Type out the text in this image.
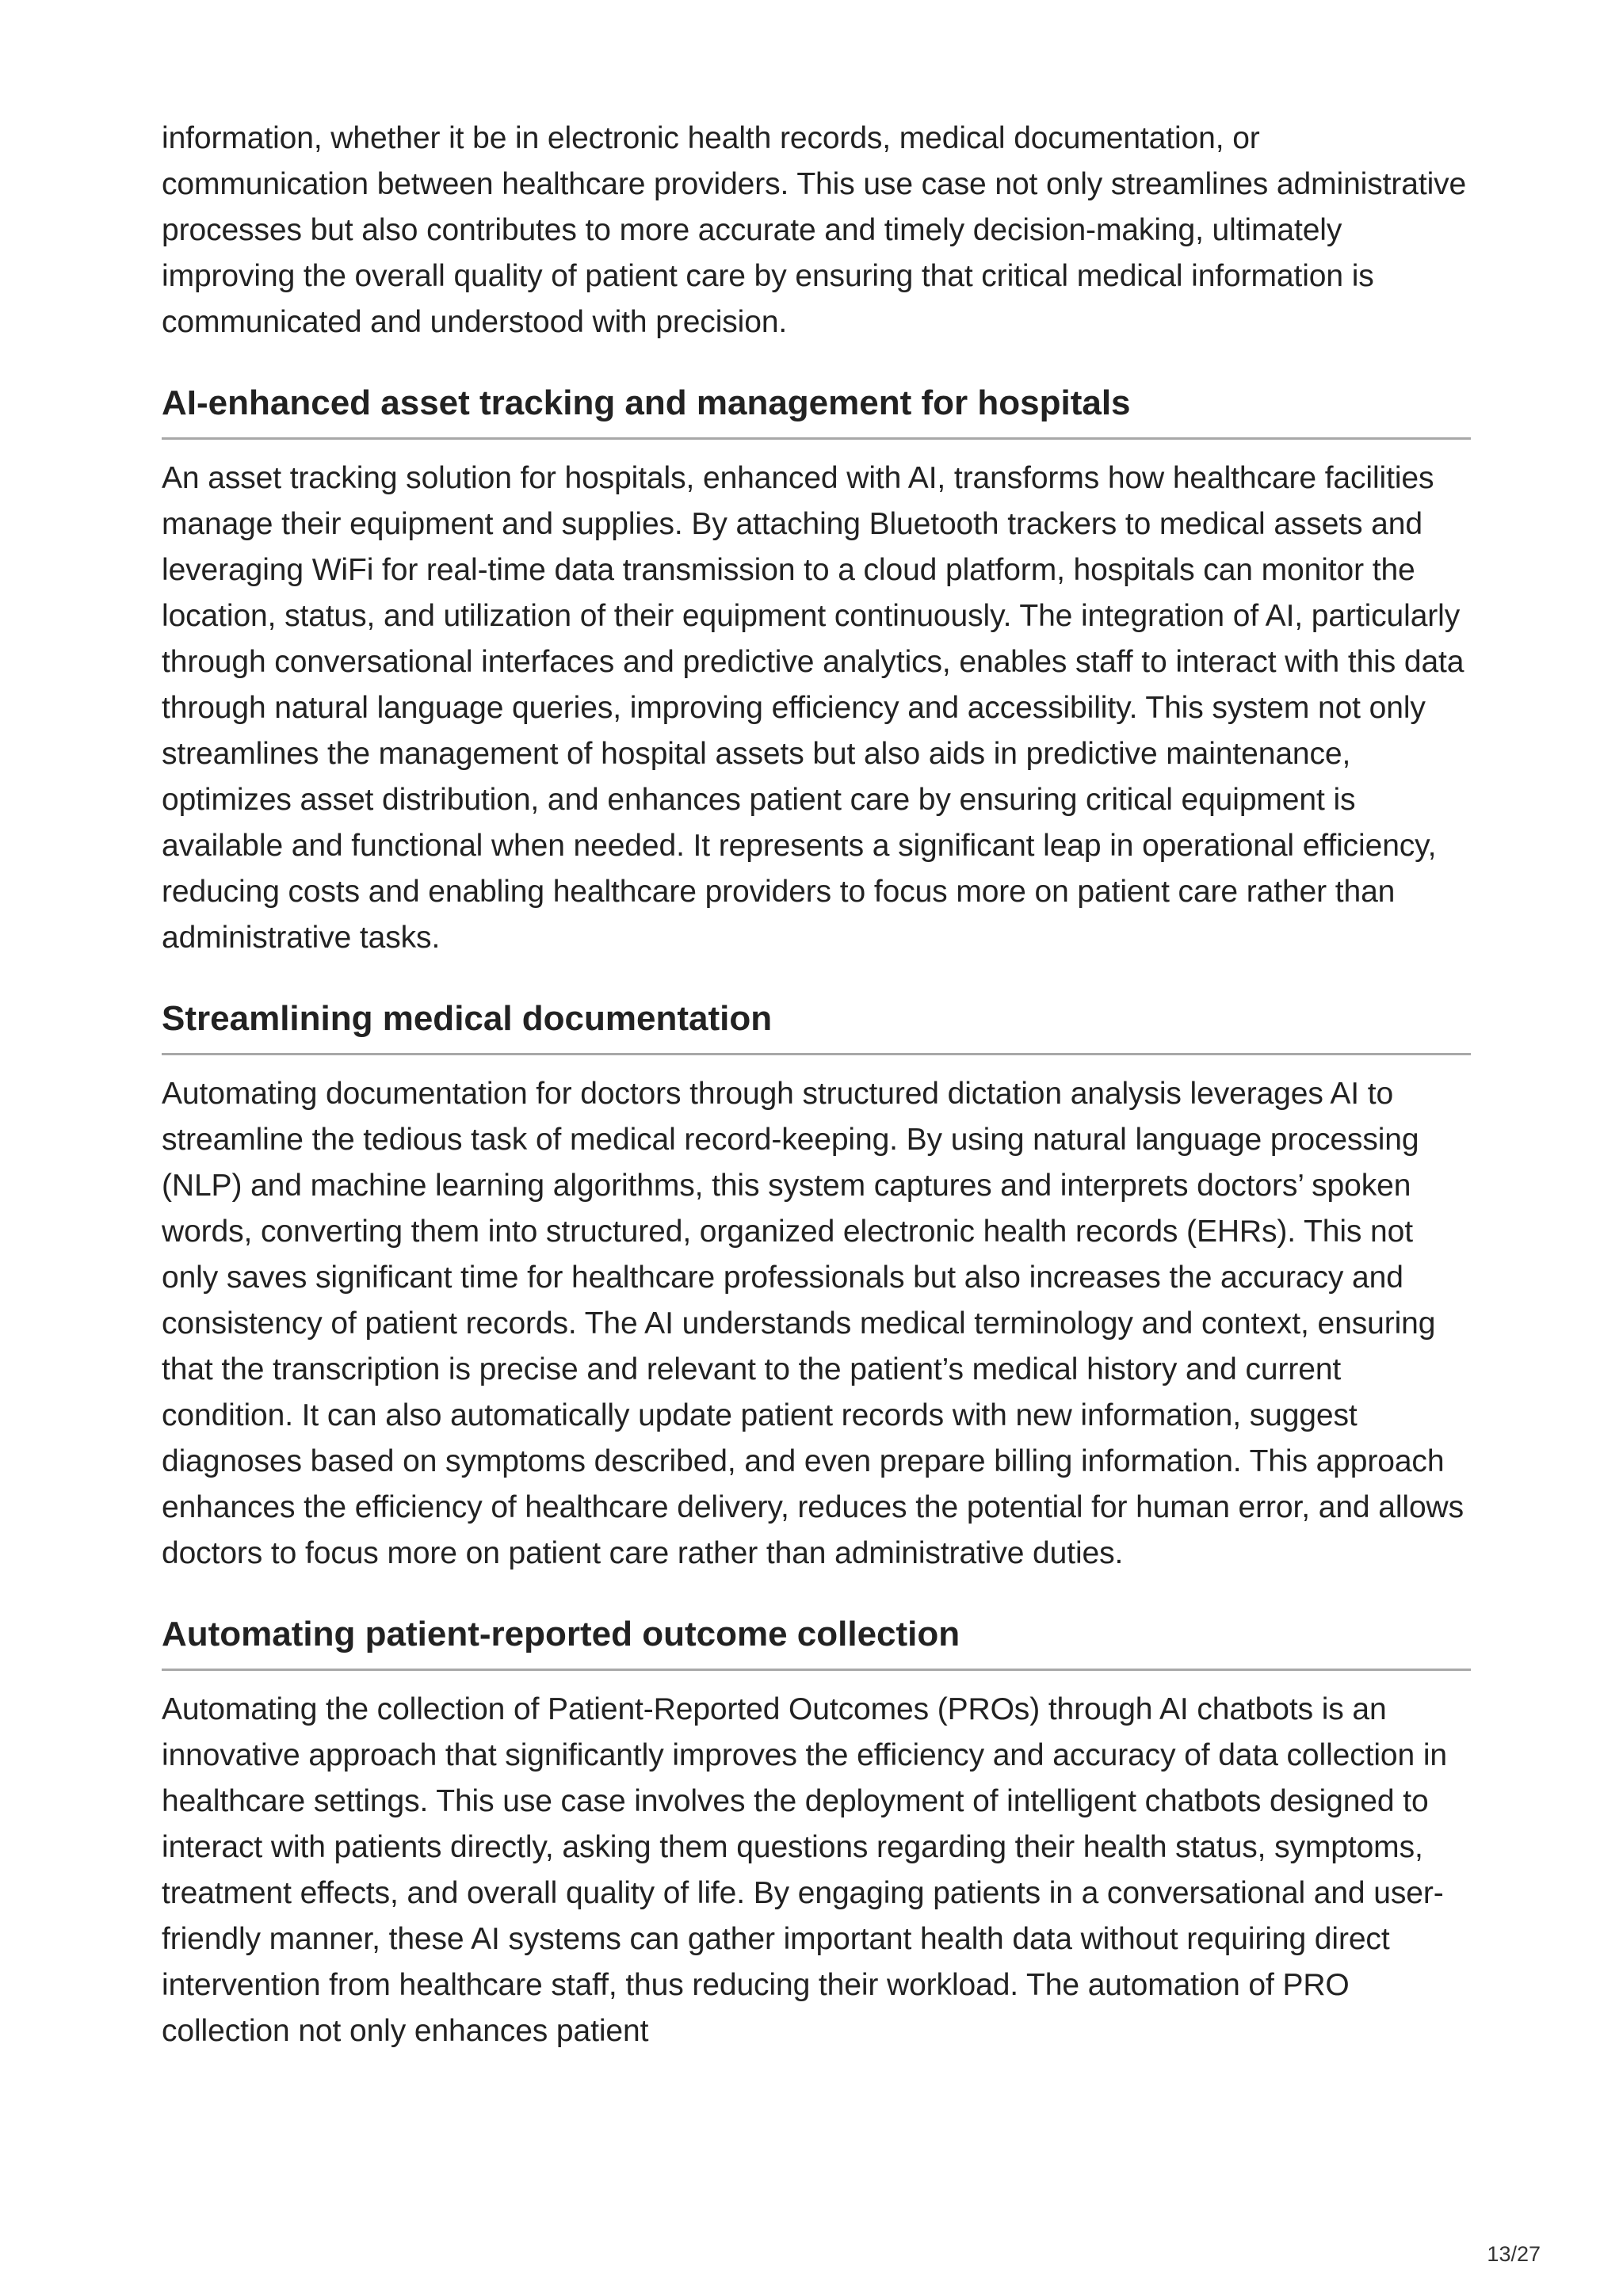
information, whether it be in electronic health records, medical documentation, or communication between healthcare providers. This use case not only streamlines administrative processes but also contributes to more accurate and timely decision-making, ultimately improving the overall quality of patient care by ensuring that critical medical information is communicated and understood with precision.

AI-enhanced asset tracking and management for hospitals

An asset tracking solution for hospitals, enhanced with AI, transforms how healthcare facilities manage their equipment and supplies. By attaching Bluetooth trackers to medical assets and leveraging WiFi for real-time data transmission to a cloud platform, hospitals can monitor the location, status, and utilization of their equipment continuously. The integration of AI, particularly through conversational interfaces and predictive analytics, enables staff to interact with this data through natural language queries, improving efficiency and accessibility. This system not only streamlines the management of hospital assets but also aids in predictive maintenance, optimizes asset distribution, and enhances patient care by ensuring critical equipment is available and functional when needed. It represents a significant leap in operational efficiency, reducing costs and enabling healthcare providers to focus more on patient care rather than administrative tasks.

Streamlining medical documentation

Automating documentation for doctors through structured dictation analysis leverages AI to streamline the tedious task of medical record-keeping. By using natural language processing (NLP) and machine learning algorithms, this system captures and interprets doctors’ spoken words, converting them into structured, organized electronic health records (EHRs). This not only saves significant time for healthcare professionals but also increases the accuracy and consistency of patient records. The AI understands medical terminology and context, ensuring that the transcription is precise and relevant to the patient’s medical history and current condition. It can also automatically update patient records with new information, suggest diagnoses based on symptoms described, and even prepare billing information. This approach enhances the efficiency of healthcare delivery, reduces the potential for human error, and allows doctors to focus more on patient care rather than administrative duties.

Automating patient-reported outcome collection

Automating the collection of Patient-Reported Outcomes (PROs) through AI chatbots is an innovative approach that significantly improves the efficiency and accuracy of data collection in healthcare settings. This use case involves the deployment of intelligent chatbots designed to interact with patients directly, asking them questions regarding their health status, symptoms, treatment effects, and overall quality of life. By engaging patients in a conversational and user-friendly manner, these AI systems can gather important health data without requiring direct intervention from healthcare staff, thus reducing their workload. The automation of PRO collection not only enhances patient

13/27
